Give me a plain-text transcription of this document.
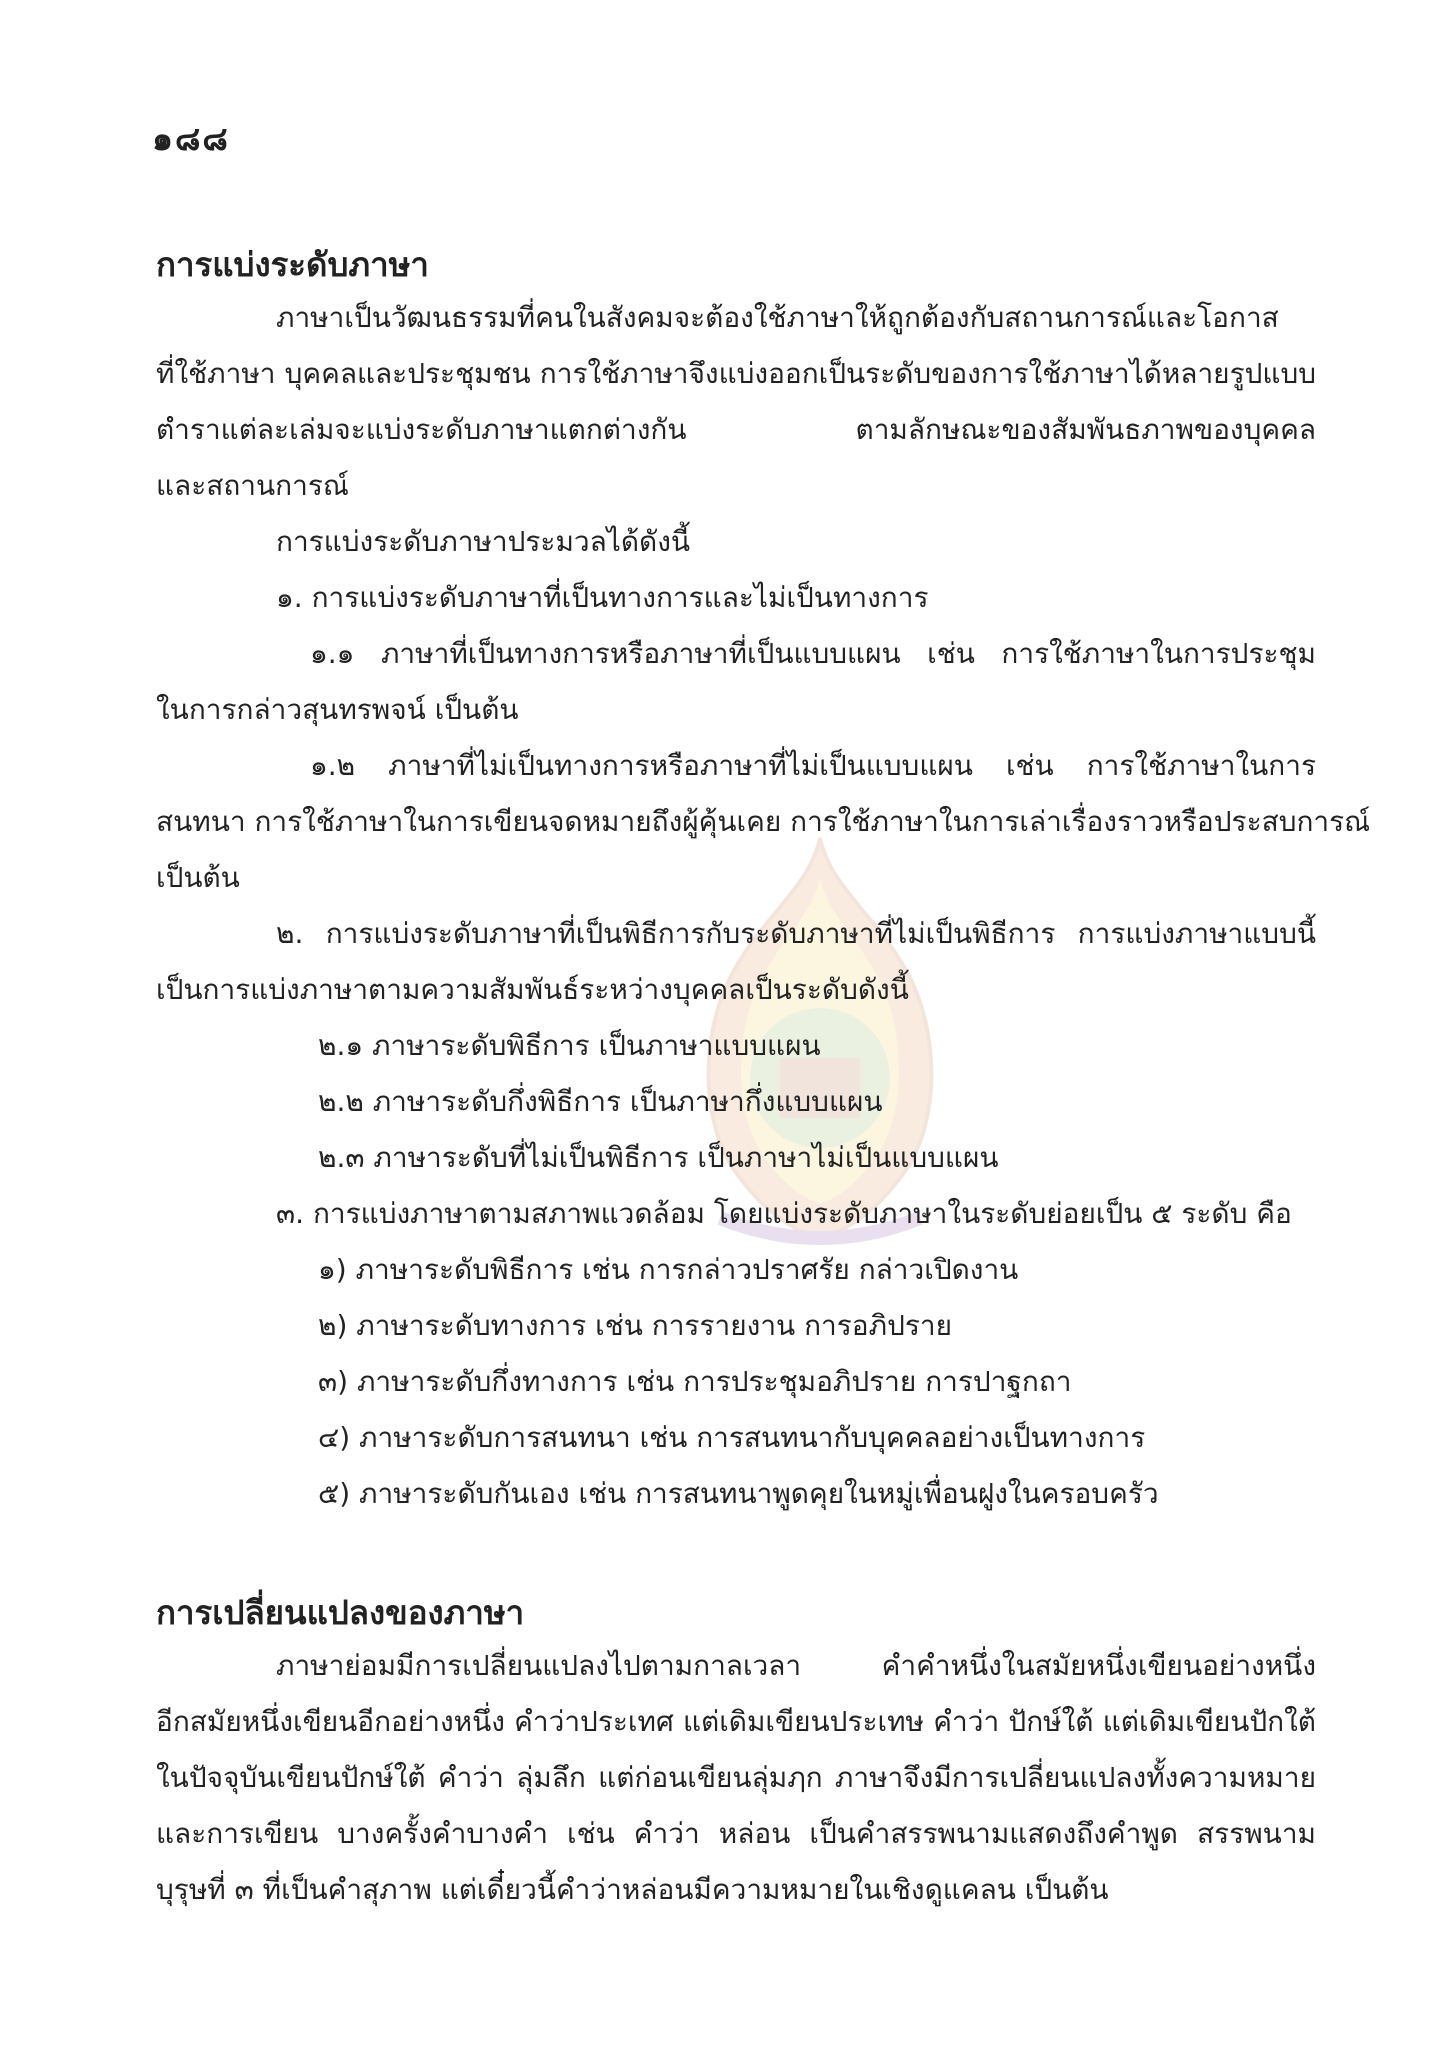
๑๘๘
การแบ่งระดับภาษา
ภาษาเป็นวัฒนธรรมที่คนในสังคมจะต้องใช้ภาษาให้ถูกต้องกับสถานการณ์และโอกาส
ที่ใช้ภาษา บุคคลและประชุมชน การใช้ภาษาจึงแบ่งออกเป็นระดับของการใช้ภาษาได้หลายรูปแบบ
ตำราแต่ละเล่มจะแบ่งระดับภาษาแตกต่างกัน ตามลักษณะของสัมพันธภาพของบุคคล
และสถานการณ์
การแบ่งระดับภาษาประมวลได้ดังนี้
๑. การแบ่งระดับภาษาที่เป็นทางการและไม่เป็นทางการ
๑.๑ ภาษาที่เป็นทางการหรือภาษาที่เป็นแบบแผน เช่น การใช้ภาษาในการประชุม
ในการกล่าวสุนทรพจน์ เป็นต้น
๑.๒ ภาษาที่ไม่เป็นทางการหรือภาษาที่ไม่เป็นแบบแผน เช่น การใช้ภาษาในการ
สนทนา การใช้ภาษาในการเขียนจดหมายถึงผู้คุ้นเคย การใช้ภาษาในการเล่าเรื่องราวหรือประสบการณ์
เป็นต้น
๒. การแบ่งระดับภาษาที่เป็นพิธีการกับระดับภาษาที่ไม่เป็นพิธีการ การแบ่งภาษาแบบนี้
เป็นการแบ่งภาษาตามความสัมพันธ์ระหว่างบุคคลเป็นระดับดังนี้
๒.๑ ภาษาระดับพิธีการ เป็นภาษาแบบแผน
๒.๒ ภาษาระดับกึ่งพิธีการ เป็นภาษากึ่งแบบแผน
๒.๓ ภาษาระดับที่ไม่เป็นพิธีการ เป็นภาษาไม่เป็นแบบแผน
๓. การแบ่งภาษาตามสภาพแวดล้อม โดยแบ่งระดับภาษาในระดับย่อยเป็น ๕ ระดับ คือ
๑) ภาษาระดับพิธีการ เช่น การกล่าวปราศรัย กล่าวเปิดงาน
๒) ภาษาระดับทางการ เช่น การรายงาน การอภิปราย
๓) ภาษาระดับกึ่งทางการ เช่น การประชุมอภิปราย การปาฐกถา
๔) ภาษาระดับการสนทนา เช่น การสนทนากับบุคคลอย่างเป็นทางการ
๕) ภาษาระดับกันเอง เช่น การสนทนาพูดคุยในหมู่เพื่อนฝูงในครอบครัว
การเปลี่ยนแปลงของภาษา
ภาษาย่อมมีการเปลี่ยนแปลงไปตามกาลเวลา คำคำหนึ่งในสมัยหนึ่งเขียนอย่างหนึ่ง
อีกสมัยหนึ่งเขียนอีกอย่างหนึ่ง คำว่าประเทศ แต่เดิมเขียนประเทษ คำว่า ปักษ์ใต้ แต่เดิมเขียนปักใต้
ในปัจจุบันเขียนปักษ์ใต้ คำว่า ลุ่มลึก แต่ก่อนเขียนลุ่มฦก ภาษาจึงมีการเปลี่ยนแปลงทั้งความหมาย
และการเขียน บางครั้งคำบางคำ เช่น คำว่า หล่อน เป็นคำสรรพนามแสดงถึงคำพูด สรรพนาม
บุรุษที่ ๓ ที่เป็นคำสุภาพ แต่เดี๋ยวนี้คำว่าหล่อนมีความหมายในเชิงดูแคลน เป็นต้น
